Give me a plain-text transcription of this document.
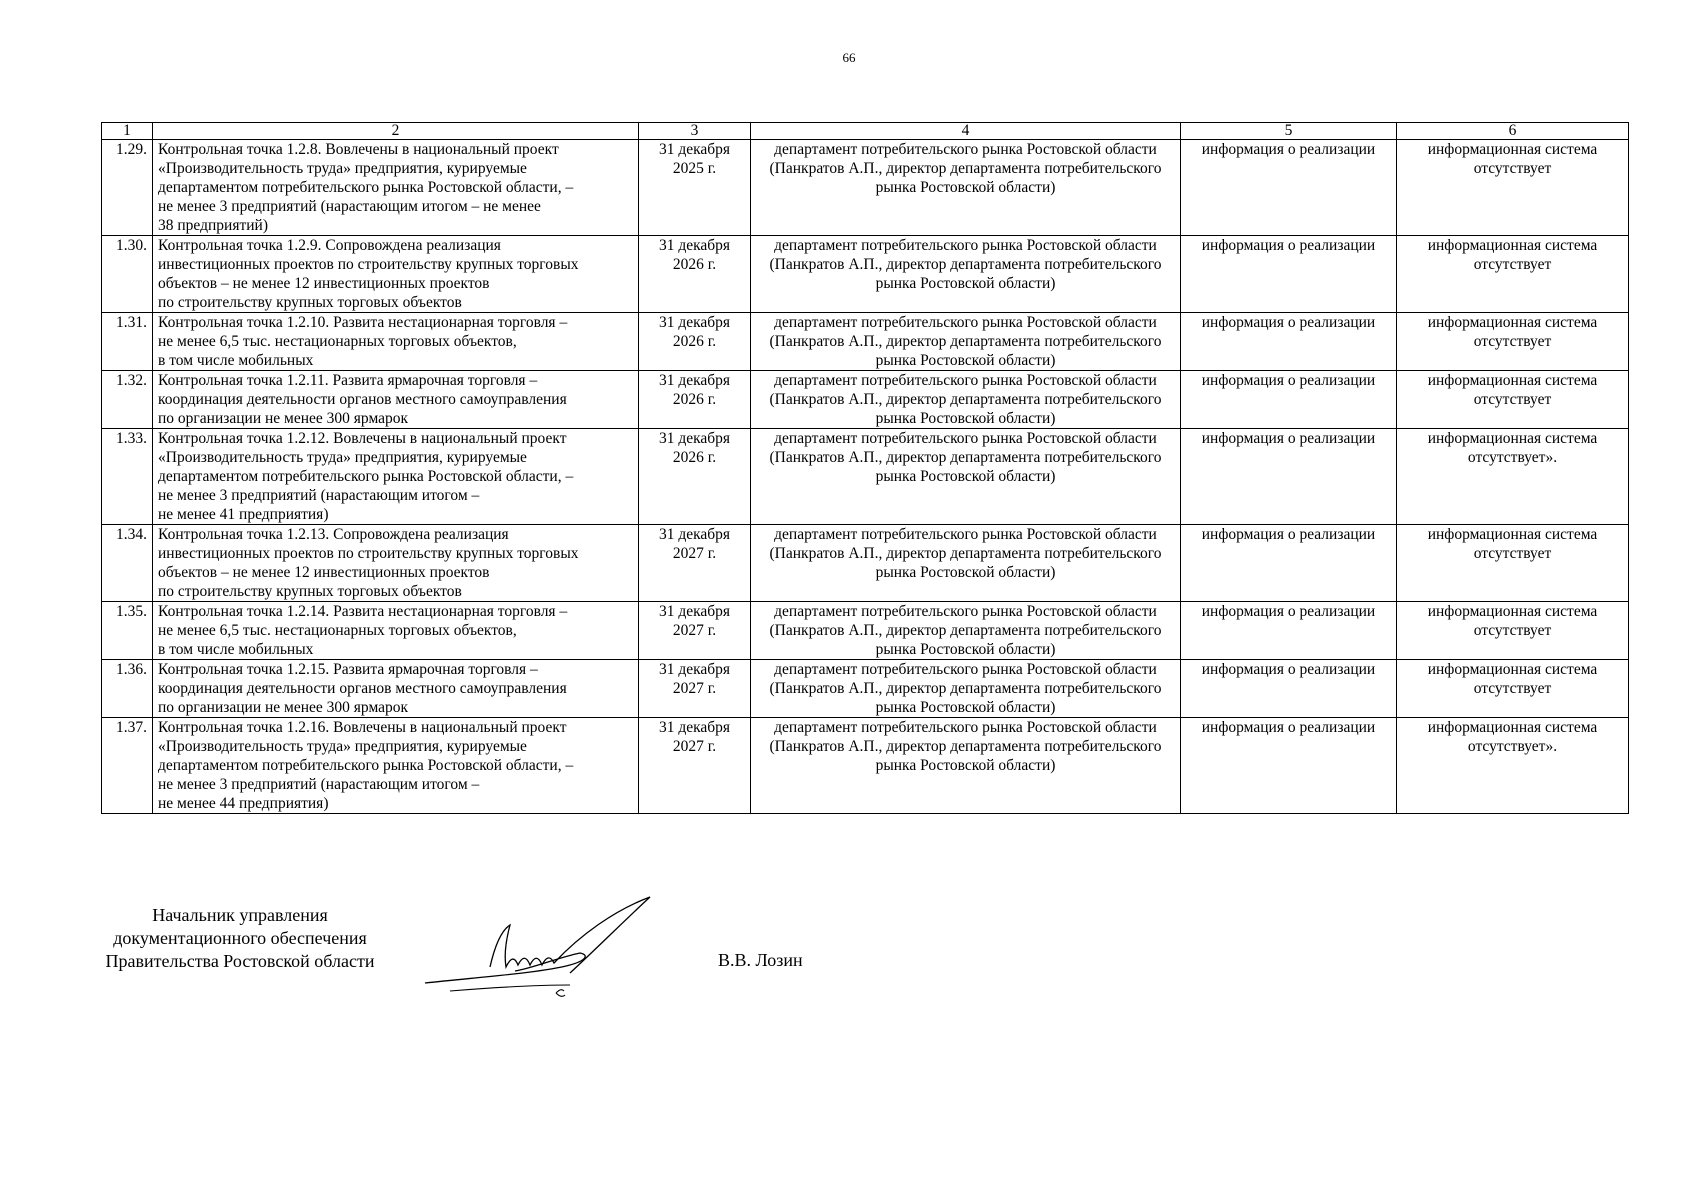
66
1	2	3	4	5	6
1.29.	Контрольная точка 1.2.8. Вовлечены в национальный проект
«Производительность труда» предприятия, курируемые
департаментом потребительского рынка Ростовской области, –
не менее 3 предприятий (нарастающим итогом – не менее
38 предприятий)	31 декабря 2025 г.	департамент потребительского рынка Ростовской области (Панкратов А.П., директор департамента потребительского рынка Ростовской области)	информация о реализации	информационная система отсутствует
1.30.	Контрольная точка 1.2.9. Сопровождена реализация
инвестиционных проектов по строительству крупных торговых
объектов – не менее 12 инвестиционных проектов
по строительству крупных торговых объектов	31 декабря 2026 г.	департамент потребительского рынка Ростовской области (Панкратов А.П., директор департамента потребительского рынка Ростовской области)	информация о реализации	информационная система отсутствует
1.31.	Контрольная точка 1.2.10. Развита нестационарная торговля –
не менее 6,5 тыс. нестационарных торговых объектов,
в том числе мобильных	31 декабря 2026 г.	департамент потребительского рынка Ростовской области (Панкратов А.П., директор департамента потребительского рынка Ростовской области)	информация о реализации	информационная система отсутствует
1.32.	Контрольная точка 1.2.11. Развита ярмарочная торговля –
координация деятельности органов местного самоуправления
по организации не менее 300 ярмарок	31 декабря 2026 г.	департамент потребительского рынка Ростовской области (Панкратов А.П., директор департамента потребительского рынка Ростовской области)	информация о реализации	информационная система отсутствует
1.33.	Контрольная точка 1.2.12. Вовлечены в национальный проект
«Производительность труда» предприятия, курируемые
департаментом потребительского рынка Ростовской области, –
не менее 3 предприятий (нарастающим итогом –
не менее 41 предприятия)	31 декабря 2026 г.	департамент потребительского рынка Ростовской области (Панкратов А.П., директор департамента потребительского рынка Ростовской области)	информация о реализации	информационная система отсутствует».
1.34.	Контрольная точка 1.2.13. Сопровождена реализация
инвестиционных проектов по строительству крупных торговых
объектов – не менее 12 инвестиционных проектов
по строительству крупных торговых объектов	31 декабря 2027 г.	департамент потребительского рынка Ростовской области (Панкратов А.П., директор департамента потребительского рынка Ростовской области)	информация о реализации	информационная система отсутствует
1.35.	Контрольная точка 1.2.14. Развита нестационарная торговля –
не менее 6,5 тыс. нестационарных торговых объектов,
в том числе мобильных	31 декабря 2027 г.	департамент потребительского рынка Ростовской области (Панкратов А.П., директор департамента потребительского рынка Ростовской области)	информация о реализации	информационная система отсутствует
1.36.	Контрольная точка 1.2.15. Развита ярмарочная торговля –
координация деятельности органов местного самоуправления
по организации не менее 300 ярмарок	31 декабря 2027 г.	департамент потребительского рынка Ростовской области (Панкратов А.П., директор департамента потребительского рынка Ростовской области)	информация о реализации	информационная система отсутствует
1.37.	Контрольная точка 1.2.16. Вовлечены в национальный проект
«Производительность труда» предприятия, курируемые
департаментом потребительского рынка Ростовской области, –
не менее 3 предприятий (нарастающим итогом –
не менее 44 предприятия)	31 декабря 2027 г.	департамент потребительского рынка Ростовской области (Панкратов А.П., директор департамента потребительского рынка Ростовской области)	информация о реализации	информационная система отсутствует».
Начальник управления
документационного обеспечения
Правительства Ростовской области	В.В. Лозин
